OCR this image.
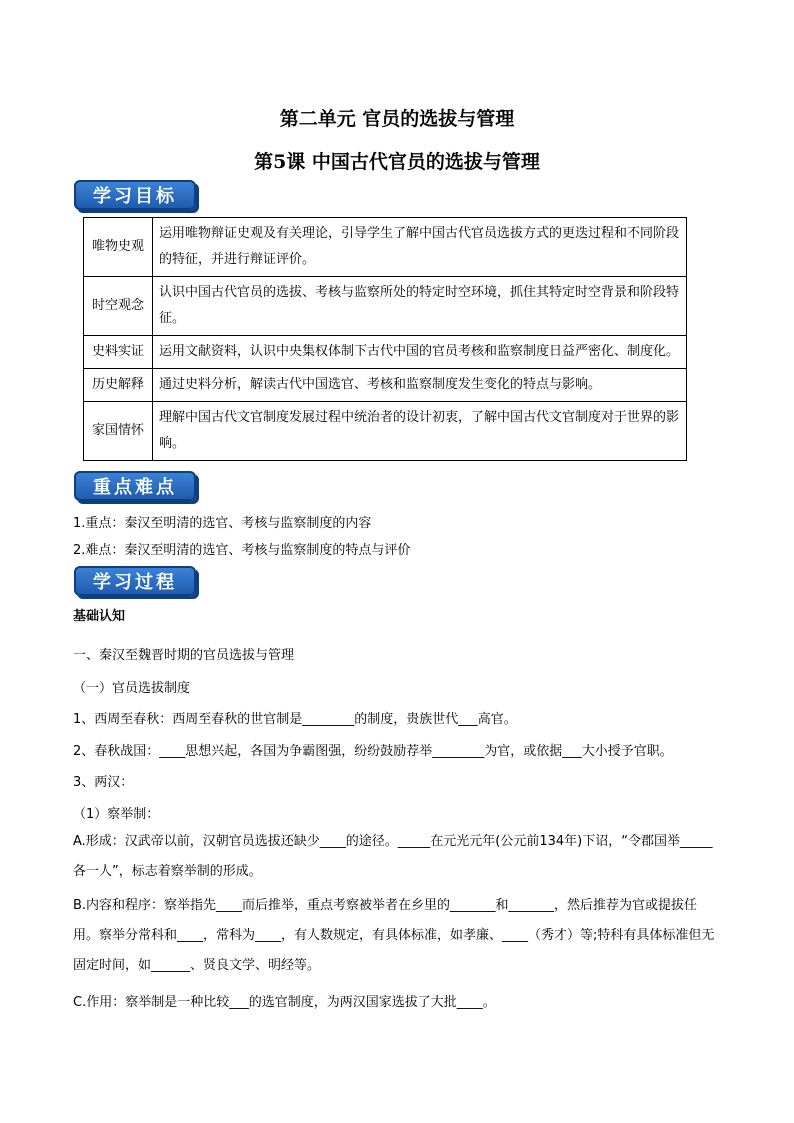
第二单元 官员的选拔与管理
第5课 中国古代官员的选拔与管理
学习目标
唯物史观	运用唯物辩证史观及有关理论，引导学生了解中国古代官员选拔方式的更迭过程和不同阶段的特征，并进行辩证评价。
时空观念	认识中国古代官员的选拔、考核与监察所处的特定时空环境，抓住其特定时空背景和阶段特征。
史料实证	运用文献资料，认识中央集权体制下古代中国的官员考核和监察制度日益严密化、制度化。
历史解释	通过史料分析，解读古代中国选官、考核和监察制度发生变化的特点与影响。
家国情怀	理解中国古代文官制度发展过程中统治者的设计初衷，了解中国古代文官制度对于世界的影响。
重点难点
1.重点：秦汉至明清的选官、考核与监察制度的内容
2.难点：秦汉至明清的选官、考核与监察制度的特点与评价
学习过程
基础认知
一、秦汉至魏晋时期的官员选拔与管理
（一）官员选拔制度
1、西周至春秋：西周至春秋的世官制是________的制度，贵族世代___高官。
2、春秋战国：____思想兴起，各国为争霸图强，纷纷鼓励荐举________为官，或依据___大小授予官职。
3、两汉：
（1）察举制：
A.形成：汉武帝以前，汉朝官员选拔还缺少____的途径。_____在元光元年(公元前134年)下诏，“令郡国举_____各一人”，标志着察举制的形成。
B.内容和程序：察举指先____而后推举，重点考察被举者在乡里的_______和_______，然后推荐为官或提拔任用。察举分常科和____，常科为____，有人数规定，有具体标准，如孝廉、____（秀才）等;特科有具体标准但无固定时间，如______、贤良文学、明经等。
C.作用：察举制是一种比较___的选官制度，为两汉国家选拔了大批____。
